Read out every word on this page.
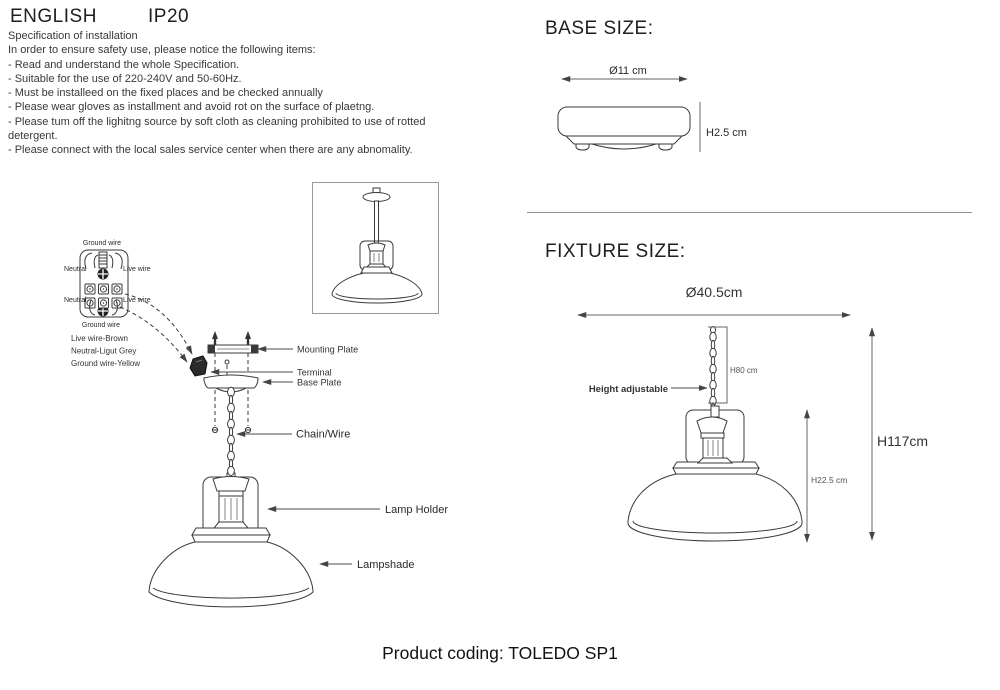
ENGLISH	IP20
Specification of installation
In order to ensure safety use, please notice the following items:
- Read and understand the whole Specification.
- Suitable for the use of 220-240V and 50-60Hz.
- Must be installeed on the fixed places and be checked annually
- Please wear gloves as installment and avoid rot on the surface of plaetng.
- Please tum off the lighitng source by soft cloth as cleaning prohibited to use of rotted detergent.
- Please connect with the local sales service center when there are any abnomality.
Ground wire
Neutral	Live wire
Neutral	Live wire
Ground wire
Live wire-Brown
Neutral-Ligut Grey
Ground wire-Yellow
Mounting Plate
Terminal
Base Plate
Chain/Wire
Lamp Holder
Lampshade
BASE SIZE:
Ø11 cm
H2.5 cm
FIXTURE SIZE:
Ø40.5cm
H80 cm
Height adjustable
H22.5 cm
H117cm
Product coding: TOLEDO SP1
